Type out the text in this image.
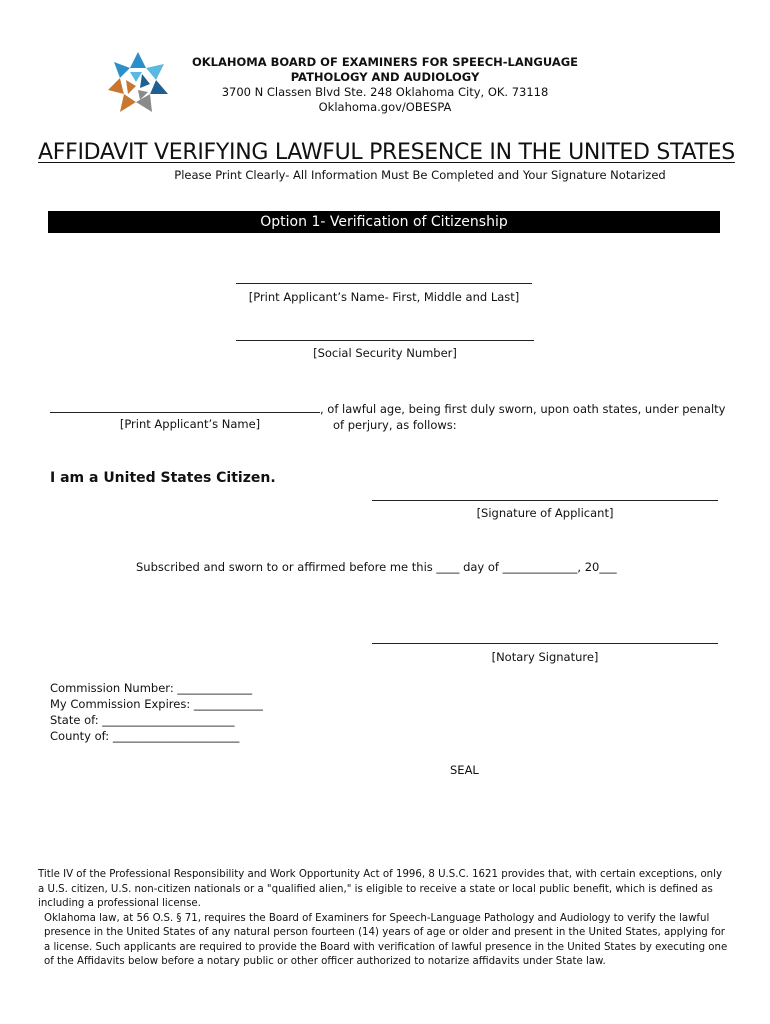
OKLAHOMA BOARD OF EXAMINERS FOR SPEECH-LANGUAGE
PATHOLOGY AND AUDIOLOGY
3700 N Classen Blvd Ste. 248 Oklahoma City, OK. 73118
Oklahoma.gov/OBESPA
AFFIDAVIT VERIFYING LAWFUL PRESENCE IN THE UNITED STATES
Please Print Clearly- All Information Must Be Completed and Your Signature Notarized
Option 1- Verification of Citizenship
[Print Applicant’s Name- First, Middle and Last]
[Social Security Number]
[Print Applicant’s Name]
, of lawful age, being first duly sworn, upon oath states, under penalty
of perjury, as follows:
I am a United States Citizen.
[Signature of Applicant]
Subscribed and sworn to or affirmed before me this ____ day of _____________, 20___
[Notary Signature]
Commission Number: _____________
My Commission Expires: ____________
State of: _______________________
County of: ______________________
SEAL

Title IV of the Professional Responsibility and Work Opportunity Act of 1996, 8 U.S.C. 1621 provides that, with certain exceptions, only a U.S. citizen, U.S. non-citizen nationals or a "qualified alien," is eligible to receive a state or local public benefit, which is defined as including a professional license.

Oklahoma law, at 56 O.S. § 71, requires the Board of Examiners for Speech-Language Pathology and Audiology to verify the lawful presence in the United States of any natural person fourteen (14) years of age or older and present in the United States, applying for a license. Such applicants are required to provide the Board with verification of lawful presence in the United States by executing one of the Affidavits below before a notary public or other officer authorized to notarize affidavits under State law.
